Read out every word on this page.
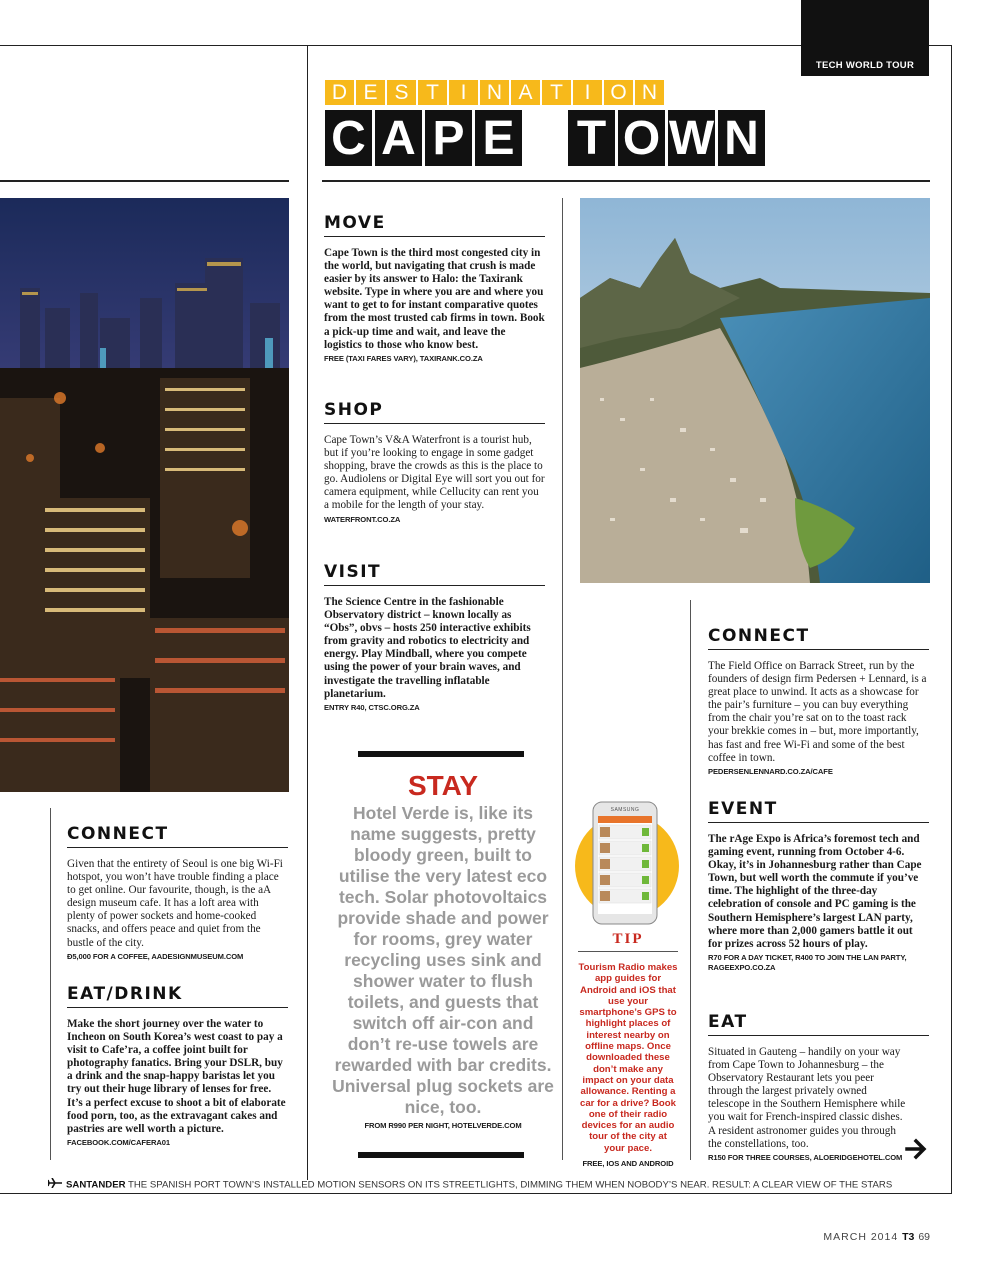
TECH WORLD TOUR
D E S T	I N A T	I O N
C A P E T O W N
MOVE
Cape Town is the third most congested city in the world, but navigating that crush is made easier by its answer to Halo: the Taxirank website. Type in where you are and where you want to get to for instant comparative quotes from the most trusted cab firms in town. Book a pick-up time and wait, and leave the logistics to those who know best.
FREE (TAXI FARES VARY), TAXIRANK.CO.ZA
SHOP
Cape Town’s V&A Waterfront is a tourist hub, but if you’re looking to engage in some gadget shopping, brave the crowds as this is the place to go. Audiolens or Digital Eye will sort you out for camera equipment, while Cellucity can rent you a mobile for the length of your stay.
WATERFRONT.CO.ZA
VISIT
The Science Centre in the fashionable Observatory district – known locally as “Obs”, obvs – hosts 250 interactive exhibits from gravity and robotics to electricity and energy. Play Mindball, where you compete using the power of your brain waves, and investigate the travelling inflatable planetarium.
ENTRY R40, CTSC.ORG.ZA
STAY
Hotel Verde is, like its name suggests, pretty bloody green, built to utilise the very latest eco tech. Solar photovoltaics provide shade and power for rooms, grey water recycling uses sink and shower water to flush toilets, and guests that switch off air-con and don’t re-use towels are rewarded with bar credits. Universal plug sockets are nice, too.
FROM R990 PER NIGHT, HOTELVERDE.COM
CONNECT
Given that the entirety of Seoul is one big Wi-Fi hotspot, you won’t have trouble finding a place to get online. Our favourite, though, is the aA design museum cafe. It has a loft area with plenty of power sockets and home-cooked snacks, and offers peace and quiet from the bustle of the city.
Đ5,000 FOR A COFFEE, AADESIGNMUSEUM.COM
EAT/DRINK
Make the short journey over the water to Incheon on South Korea’s west coast to pay a visit to Cafe’ra, a coffee joint built for photography fanatics. Bring your DSLR, buy a drink and the snap-happy baristas let you try out their huge library of lenses for free. It’s a perfect excuse to shoot a bit of elaborate food porn, too, as the extravagant cakes and pastries are well worth a picture.
FACEBOOK.COM/CAFERA01
SAMSUNG
TIP
Tourism Radio makes app guides for Android and iOS that use your smartphone’s GPS to highlight places of interest nearby on offline maps. Once downloaded these don’t make any impact on your data allowance. Renting a car for a drive? Book one of their radio devices for an audio tour of the city at your pace.
FREE, IOS AND ANDROID
CONNECT
The Field Office on Barrack Street, run by the founders of design firm Pedersen + Lennard, is a great place to unwind. It acts as a showcase for the pair’s furniture – you can buy everything from the chair you’re sat on to the toast rack your brekkie comes in – but, more importantly, has fast and free Wi-Fi and some of the best coffee in town.
PEDERSENLENNARD.CO.ZA/CAFE
EVENT
The rAge Expo is Africa’s foremost tech and gaming event, running from October 4-6. Okay, it’s in Johannesburg rather than Cape Town, but well worth the commute if you’ve time. The highlight of the three-day celebration of console and PC gaming is the Southern Hemisphere’s largest LAN party, where more than 2,000 gamers battle it out for prizes across 52 hours of play.
R70 FOR A DAY TICKET, R400 TO JOIN THE LAN PARTY, RAGEEXPO.CO.ZA
EAT
Situated in Gauteng – handily on your way from Cape Town to Johannesburg – the Observatory Restaurant lets you peer through the largest privately owned telescope in the Southern Hemisphere while you wait for French-inspired classic dishes. A resident astronomer guides you through the constellations, too.
R150 FOR THREE COURSES, ALOERIDGEHOTEL.COM
SANTANDER THE SPANISH PORT TOWN’S INSTALLED MOTION SENSORS ON ITS STREETLIGHTS, DIMMING THEM WHEN NOBODY’S NEAR. RESULT: A CLEAR VIEW OF THE STARS
MARCH 2014 T3 69
